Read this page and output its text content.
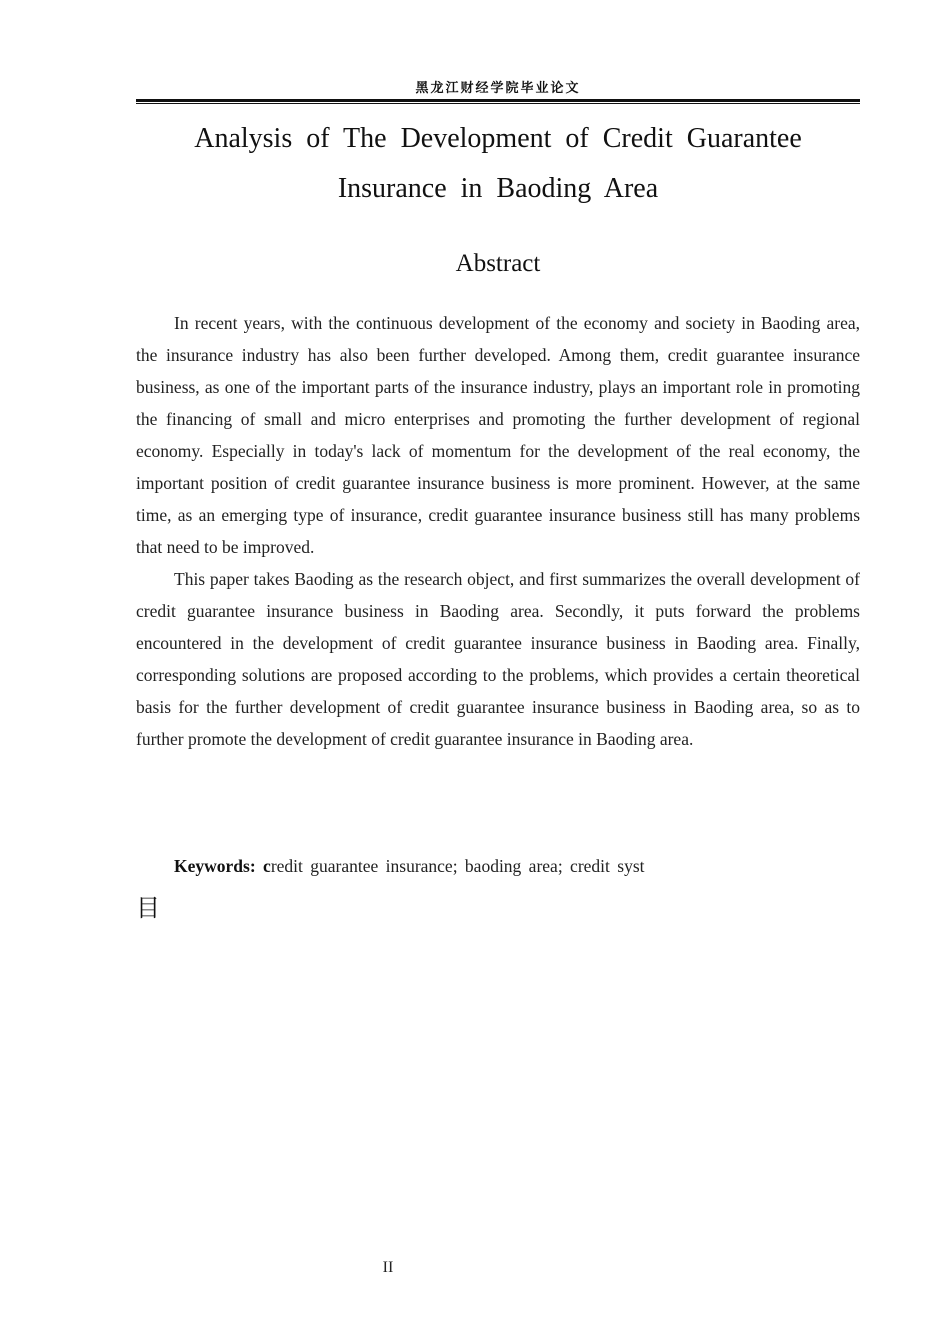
黑龙江财经学院毕业论文
Analysis of The Development of Credit Guarantee
Insurance in Baoding Area
Abstract

In recent years, with the continuous development of the economy and society in Baoding area, the insurance industry has also been further developed. Among them, credit guarantee insurance business, as one of the important parts of the insurance industry, plays an important role in promoting the financing of small and micro enterprises and promoting the further development of regional economy. Especially in today's lack of momentum for the development of the real economy, the important position of credit guarantee insurance business is more prominent. However, at the same time, as an emerging type of insurance, credit guarantee insurance business still has many problems that need to be improved.

This paper takes Baoding as the research object, and first summarizes the overall development of credit guarantee insurance business in Baoding area. Secondly, it puts forward the problems encountered in the development of credit guarantee insurance business in Baoding area. Finally, corresponding solutions are proposed according to the problems, which provides a certain theoretical basis for the further development of credit guarantee insurance business in Baoding area, so as to further promote the development of credit guarantee insurance in Baoding area.

Keywords: credit guarantee insurance; baoding area; credit syst
目
II
